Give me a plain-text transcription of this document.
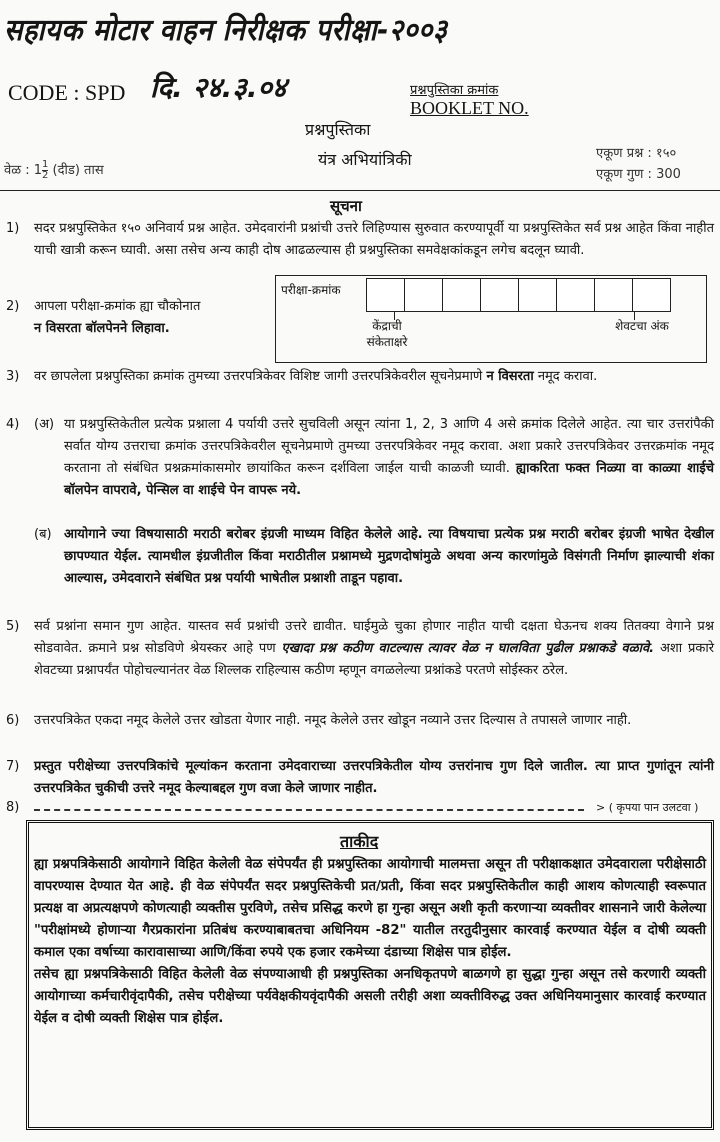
सहायक मोटार वाहन निरीक्षक परीक्षा-२००३
CODE : SPD दि. २४.३.०४	प्रश्नपुस्तिका क्रमांक
BOOKLET NO.
प्रश्नपुस्तिका
यंत्र अभियांत्रिकी	एकूण प्रश्न : १५०
एकूण गुण : 300
वेळ : $1\frac{1}{2}$ (दीड) तास
सूचना
1) सदर प्रश्नपुस्तिकेत १५० अनिवार्य प्रश्न आहेत. उमेदवारांनी प्रश्नांची उत्तरे लिहिण्यास सुरुवात करण्यापूर्वी या प्रश्नपुस्तिकेत सर्व प्रश्न आहेत किंवा नाहीत याची खात्री करून घ्यावी. असा तसेच अन्य काही दोष आढळल्यास ही प्रश्नपुस्तिका समवेक्षकांकडून लगेच बदलून घ्यावी.
2) आपला परीक्षा-क्रमांक ह्या चौकोनात
न विसरता बॉलपेनने लिहावा.
परीक्षा-क्रमांक
केंद्राची संकेताक्षरे
शेवटचा अंक
3) वर छापलेला प्रश्नपुस्तिका क्रमांक तुमच्या उत्तरपत्रिकेवर विशिष्ट जागी उत्तरपत्रिकेवरील सूचनेप्रमाणे न विसरता नमूद करावा.
4) (अ) या प्रश्नपुस्तिकेतील प्रत्येक प्रश्नाला 4 पर्यायी उत्तरे सुचविली असून त्यांना 1, 2, 3 आणि 4 असे क्रमांक दिलेले आहेत. त्या चार उत्तरांपैकी सर्वात योग्य उत्तराचा क्रमांक उत्तरपत्रिकेवरील सूचनेप्रमाणे तुमच्या उत्तरपत्रिकेवर नमूद करावा. अशा प्रकारे उत्तरपत्रिकेवर उत्तरक्रमांक नमूद करताना तो संबंधित प्रश्नक्रमांकासमोर छायांकित करून दर्शविला जाईल याची काळजी घ्यावी. ह्याकरिता फक्त निळ्या वा काळ्या शाईचे बॉलपेन वापरावे, पेन्सिल वा शाईचे पेन वापरू नये.
(ब) आयोगाने ज्या विषयासाठी मराठी बरोबर इंग्रजी माध्यम विहित केलेले आहे. त्या विषयाचा प्रत्येक प्रश्न मराठी बरोबर इंग्रजी भाषेत देखील छापण्यात येईल. त्यामधील इंग्रजीतील किंवा मराठीतील प्रश्नामध्ये मुद्रणदोषांमुळे अथवा अन्य कारणांमुळे विसंगती निर्माण झाल्याची शंका आल्यास, उमेदवाराने संबंधित प्रश्न पर्यायी भाषेतील प्रश्नाशी ताडून पहावा.
5) सर्व प्रश्नांना समान गुण आहेत. यास्तव सर्व प्रश्नांची उत्तरे द्यावीत. घाईमुळे चुका होणार नाहीत याची दक्षता घेऊनच शक्य तितक्या वेगाने प्रश्न सोडवावेत. क्रमाने प्रश्न सोडविणे श्रेयस्कर आहे पण एखादा प्रश्न कठीण वाटल्यास त्यावर वेळ न घालविता पुढील प्रश्नाकडे वळावे. अशा प्रकारे शेवटच्या प्रश्नापर्यंत पोहोचल्यानंतर वेळ शिल्लक राहिल्यास कठीण म्हणून वगळलेल्या प्रश्नांकडे परतणे सोईस्कर ठरेल.
6) उत्तरपत्रिकेत एकदा नमूद केलेले उत्तर खोडता येणार नाही. नमूद केलेले उत्तर खोडून नव्याने उत्तर दिल्यास ते तपासले जाणार नाही.
7) प्रस्तुत परीक्षेच्या उत्तरपत्रिकांचे मूल्यांकन करताना उमेदवाराच्या उत्तरपत्रिकेतील योग्य उत्तरांनाच गुण दिले जातील. त्या प्राप्त गुणांतून त्यांनी उत्तरपत्रिकेत चुकीची उत्तरे नमूद केल्याबद्दल गुण वजा केले जाणार नाहीत.
8)	> ( कृपया पान उलटवा )
ताकीद

ह्या प्रश्नपत्रिकेसाठी आयोगाने विहित केलेली वेळ संपेपर्यंत ही प्रश्नपुस्तिका आयोगाची मालमत्ता असून ती परीक्षाकक्षात उमेदवाराला परीक्षेसाठी वापरण्यास देण्यात येत आहे. ही वेळ संपेपर्यंत सदर प्रश्नपुस्तिकेची प्रत/प्रती, किंवा सदर प्रश्नपुस्तिकेतील काही आशय कोणत्याही स्वरूपात प्रत्यक्ष वा अप्रत्यक्षपणे कोणत्याही व्यक्तीस पुरविणे, तसेच प्रसिद्ध करणे हा गुन्हा असून अशी कृती करणाऱ्या व्यक्तीवर शासनाने जारी केलेल्या "परीक्षांमध्ये होणाऱ्या गैरप्रकारांना प्रतिबंध करण्याबाबतचा अधिनियम -82" यातील तरतुदीनुसार कारवाई करण्यात येईल व दोषी व्यक्ती कमाल एका वर्षाच्या कारावासाच्या आणि/किंवा रुपये एक हजार रकमेच्या दंडाच्या शिक्षेस पात्र होईल.

तसेच ह्या प्रश्नपत्रिकेसाठी विहित केलेली वेळ संपण्याआधी ही प्रश्नपुस्तिका अनधिकृतपणे बाळगणे हा सुद्धा गुन्हा असून तसे करणारी व्यक्ती आयोगाच्या कर्मचारीवृंदापैकी, तसेच परीक्षेच्या पर्यवेक्षकीयवृंदापैकी असली तरीही अशा व्यक्तीविरुद्ध उक्त अधिनियमानुसार कारवाई करण्यात येईल व दोषी व्यक्ती शिक्षेस पात्र होईल.
